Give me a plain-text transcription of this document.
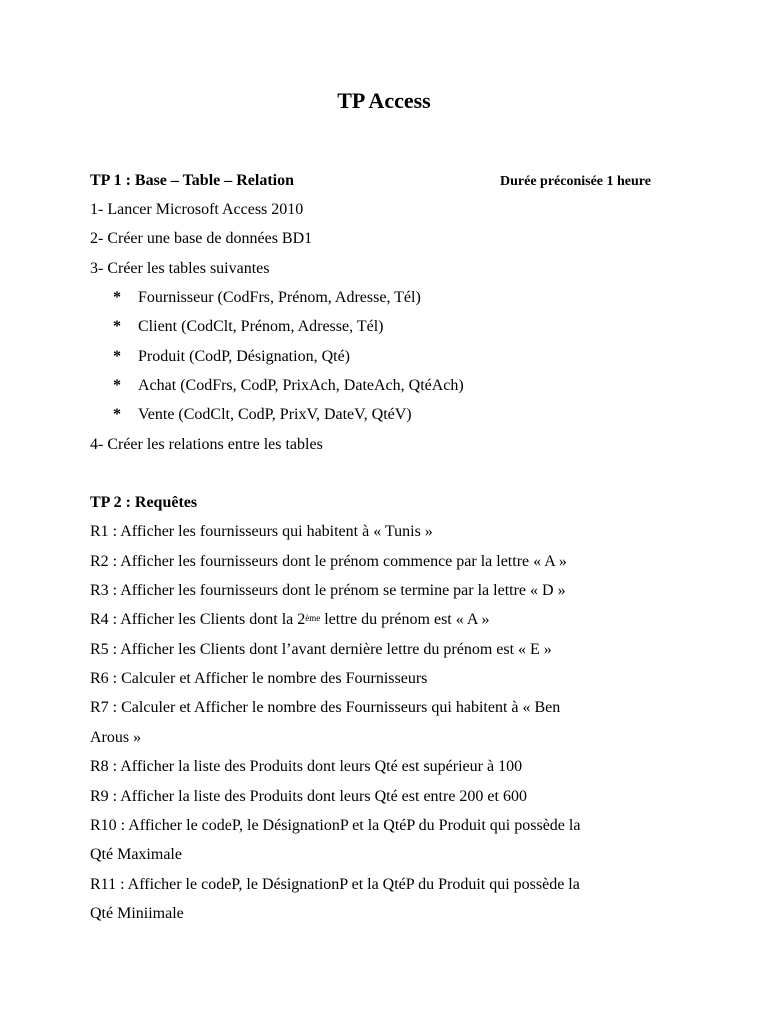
TP Access
TP 1 : Base – Table – Relation	Durée préconisée 1 heure
1- Lancer Microsoft Access 2010
2- Créer une base de données BD1
3- Créer les tables suivantes
* Fournisseur (CodFrs, Prénom, Adresse, Tél)
* Client (CodClt, Prénom, Adresse, Tél)
* Produit (CodP, Désignation, Qté)
* Achat (CodFrs, CodP, PrixAch, DateAch, QtéAch)
* Vente (CodClt, CodP, PrixV, DateV, QtéV)
4- Créer les relations entre les tables
TP 2 : Requêtes
R1 : Afficher les fournisseurs qui habitent à « Tunis »
R2 : Afficher les fournisseurs dont le prénom commence par la lettre « A »
R3 : Afficher les fournisseurs dont le prénom se termine par la lettre « D »
R4 : Afficher les Clients dont la 2ème lettre du prénom est « A »
R5 : Afficher les Clients dont l’avant dernière lettre du prénom est « E »
R6 : Calculer et Afficher le nombre des Fournisseurs
R7 : Calculer et Afficher le nombre des Fournisseurs qui habitent à « Ben
Arous »
R8 : Afficher la liste des Produits dont leurs Qté est supérieur à 100
R9 : Afficher la liste des Produits dont leurs Qté est entre 200 et 600
R10 : Afficher le codeP, le DésignationP et la QtéP du Produit qui possède la
Qté Maximale
R11 : Afficher le codeP, le DésignationP et la QtéP du Produit qui possède la
Qté Miniimale
